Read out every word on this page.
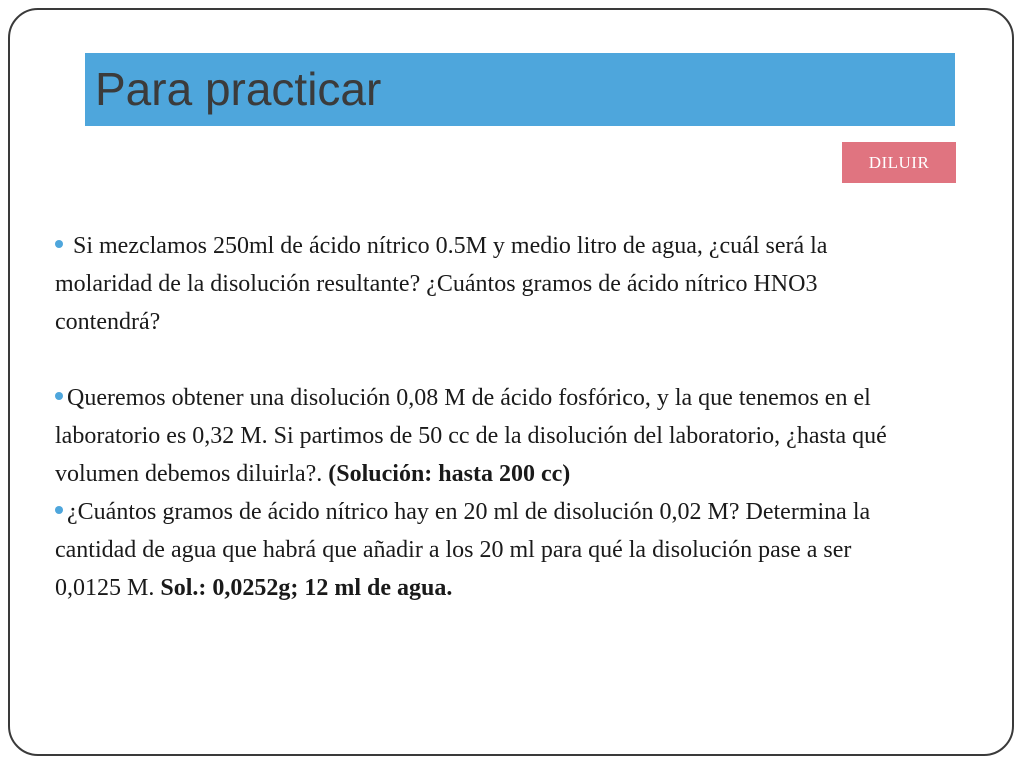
Para practicar
DILUIR

Si mezclamos 250ml de ácido nítrico 0.5M y medio litro de agua, ¿cuál será la molaridad de la disolución resultante? ¿Cuántos gramos de ácido nítrico HNO3 contendrá?

Queremos obtener una disolución 0,08 M de ácido fosfórico, y la que tenemos en el laboratorio es 0,32 M. Si partimos de 50 cc de la disolución del laboratorio, ¿hasta qué volumen debemos diluirla?. (Solución: hasta 200 cc)

¿Cuántos gramos de ácido nítrico hay en 20 ml de disolución 0,02 M? Determina la cantidad de agua que habrá que añadir a los 20 ml para qué la disolución pase a ser 0,0125 M. Sol.: 0,0252g; 12 ml de agua.
